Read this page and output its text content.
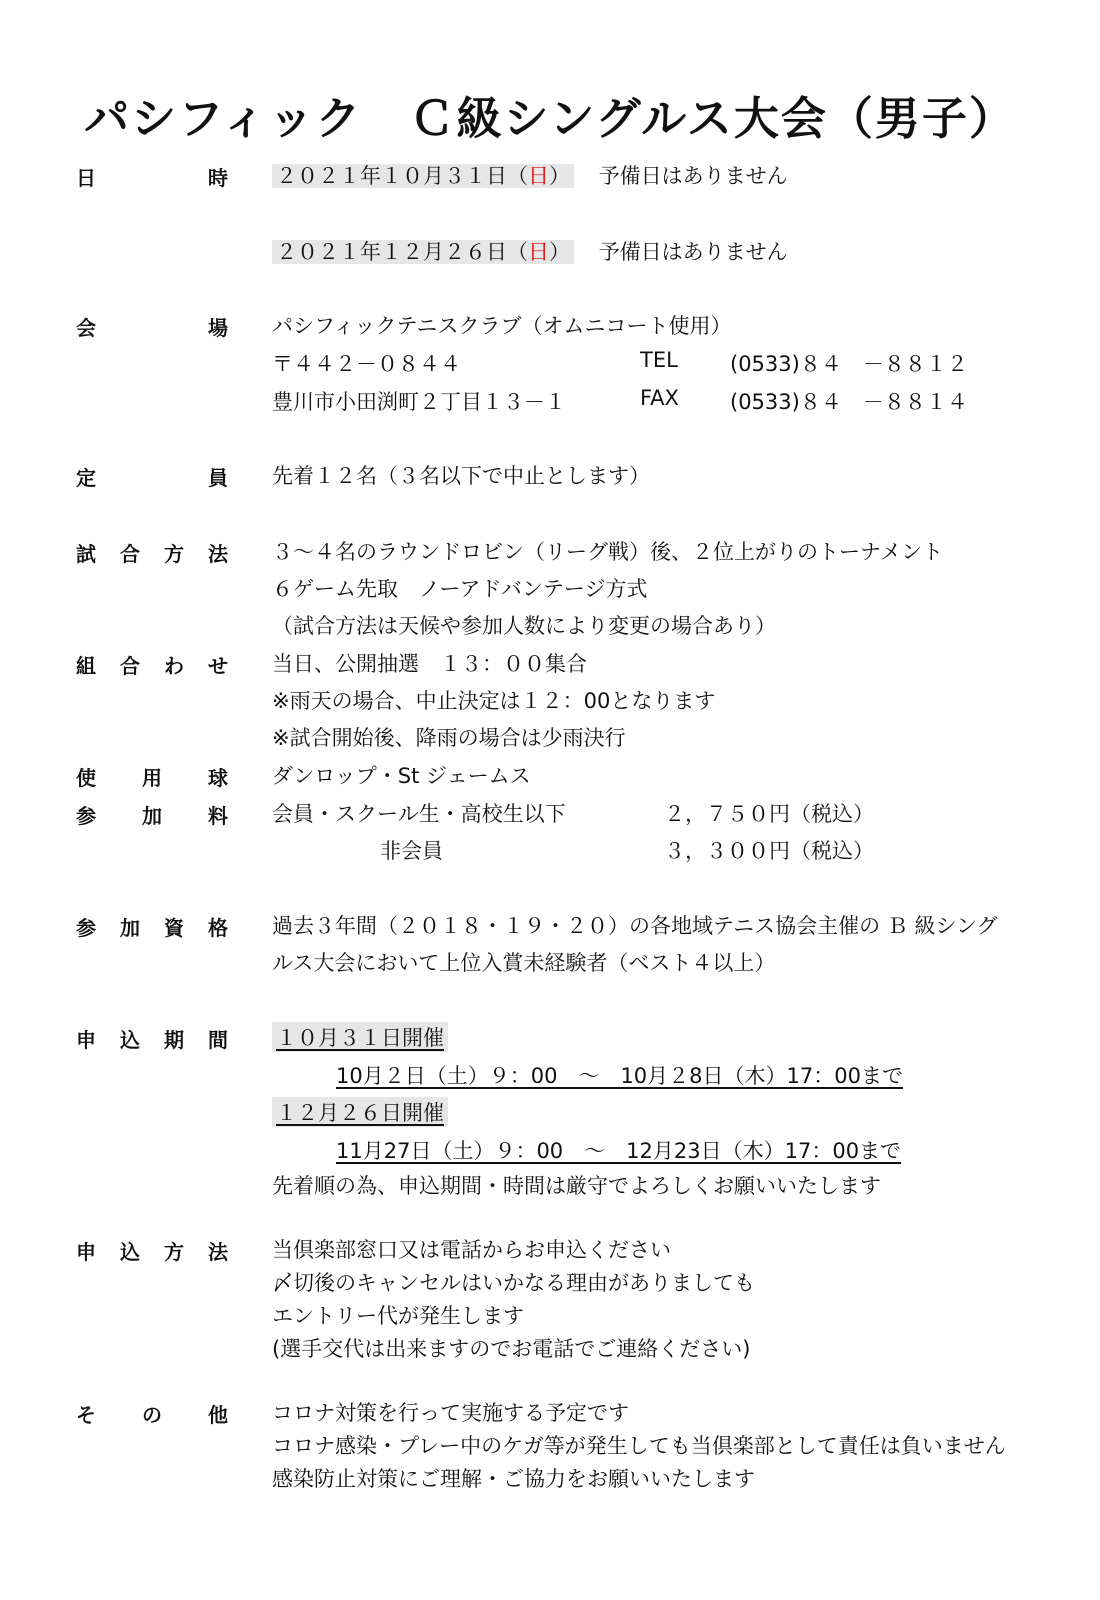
パシフィック　Ｃ級シングルス大会（男子）
日	時 ２０２１年１０月３１日（日） 予備日はありません
２０２１年１２月２６日（日） 予備日はありません
会	場 パシフィックテニスクラブ（オムニコート使用）
〒４４２－０８４４	TEL (0533)８４　－８８１２
豊川市小田渕町２丁目１３－１	FAX (0533)８４　－８８１４
定	員 先着１２名（３名以下で中止とします）
試 合 方 法 ３～４名のラウンドロビン（リーグ戦）後、２位上がりのトーナメント
６ゲーム先取　ノーアドバンテージ方式
（試合方法は天候や参加人数により変更の場合あり）
組 合 わ せ 当日、公開抽選　１３：００集合
※雨天の場合、中止決定は１２：00となります
※試合開始後、降雨の場合は少雨決行
使 用 球 ダンロップ・St ジェームス
参 加 料 会員・スクール生・高校生以下	２，７５０円（税込）
非会員	３，３００円（税込）
参 加 資 格 過去３年間（２０１８・１９・２０）の各地域テニス協会主催の Ｂ 級シング
ルス大会において上位入賞未経験者（ベスト４以上）
申 込 期 間 １０月３１日開催
10月２日（土）９：00　～　10月２8日（木）17：00まで
１２月２６日開催
11月27日（土）９：00　～　12月23日（木）17：00まで
先着順の為、申込期間・時間は厳守でよろしくお願いいたします
申 込 方 法 当倶楽部窓口又は電話からお申込ください
〆切後のキャンセルはいかなる理由がありましても
エントリー代が発生します
(選手交代は出来ますのでお電話でご連絡ください)
そ の 他 コロナ対策を行って実施する予定です
コロナ感染・プレー中のケガ等が発生しても当倶楽部として責任は負いません
感染防止対策にご理解・ご協力をお願いいたします
